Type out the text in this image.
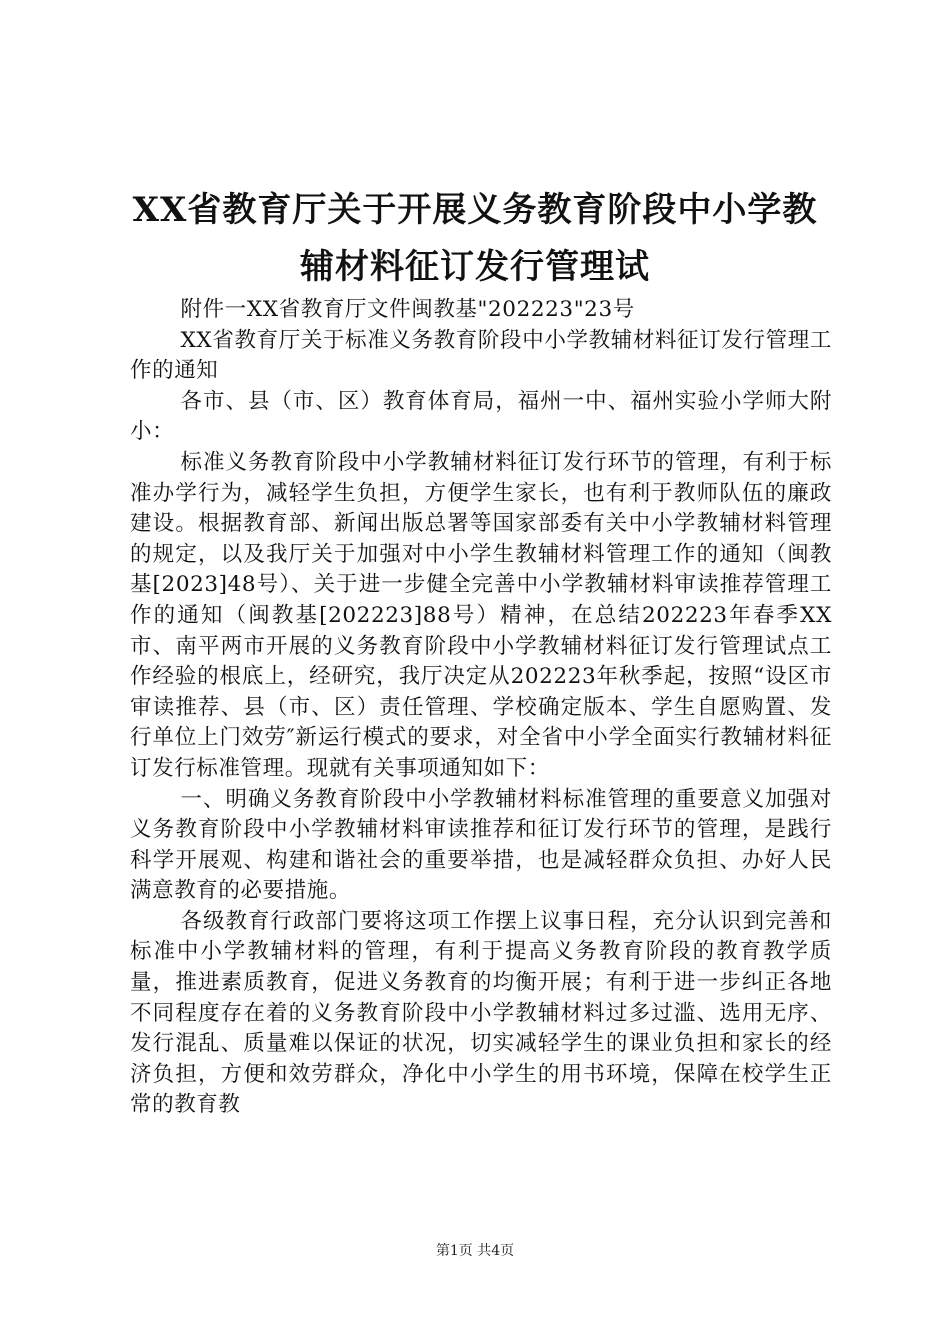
XX省教育厅关于开展义务教育阶段中小学教
辅材料征订发行管理试

附件一XX省教育厅文件闽教基"202223"23号

XX省教育厅关于标准义务教育阶段中小学教辅材料征订发行管理工作的通知

各市、县（市、区）教育体育局，福州一中、福州实验小学师大附小：

标准义务教育阶段中小学教辅材料征订发行环节的管理，有利于标准办学行为，减轻学生负担，方便学生家长，也有利于教师队伍的廉政建设。根据教育部、新闻出版总署等国家部委有关中小学教辅材料管理的规定，以及我厅关于加强对中小学生教辅材料管理工作的通知（闽教基[2023]48号）、关于进一步健全完善中小学教辅材料审读推荐管理工作的通知（闽教基[202223]88号）精神，在总结202223年春季XX市、南平两市开展的义务教育阶段中小学教辅材料征订发行管理试点工作经验的根底上，经研究，我厅决定从202223年秋季起，按照“设区市审读推荐、县（市、区）责任管理、学校确定版本、学生自愿购置、发行单位上门效劳″新运行模式的要求，对全省中小学全面实行教辅材料征订发行标准管理。现就有关事项通知如下：

一、明确义务教育阶段中小学教辅材料标准管理的重要意义加强对义务教育阶段中小学教辅材料审读推荐和征订发行环节的管理，是践行科学开展观、构建和谐社会的重要举措，也是减轻群众负担、办好人民满意教育的必要措施。

各级教育行政部门要将这项工作摆上议事日程，充分认识到完善和标准中小学教辅材料的管理，有利于提高义务教育阶段的教育教学质量，推进素质教育，促进义务教育的均衡开展；有利于进一步纠正各地不同程度存在着的义务教育阶段中小学教辅材料过多过滥、选用无序、发行混乱、质量难以保证的状况，切实减轻学生的课业负担和家长的经济负担，方便和效劳群众，净化中小学生的用书环境，保障在校学生正常的教育教

第1页 共4页
